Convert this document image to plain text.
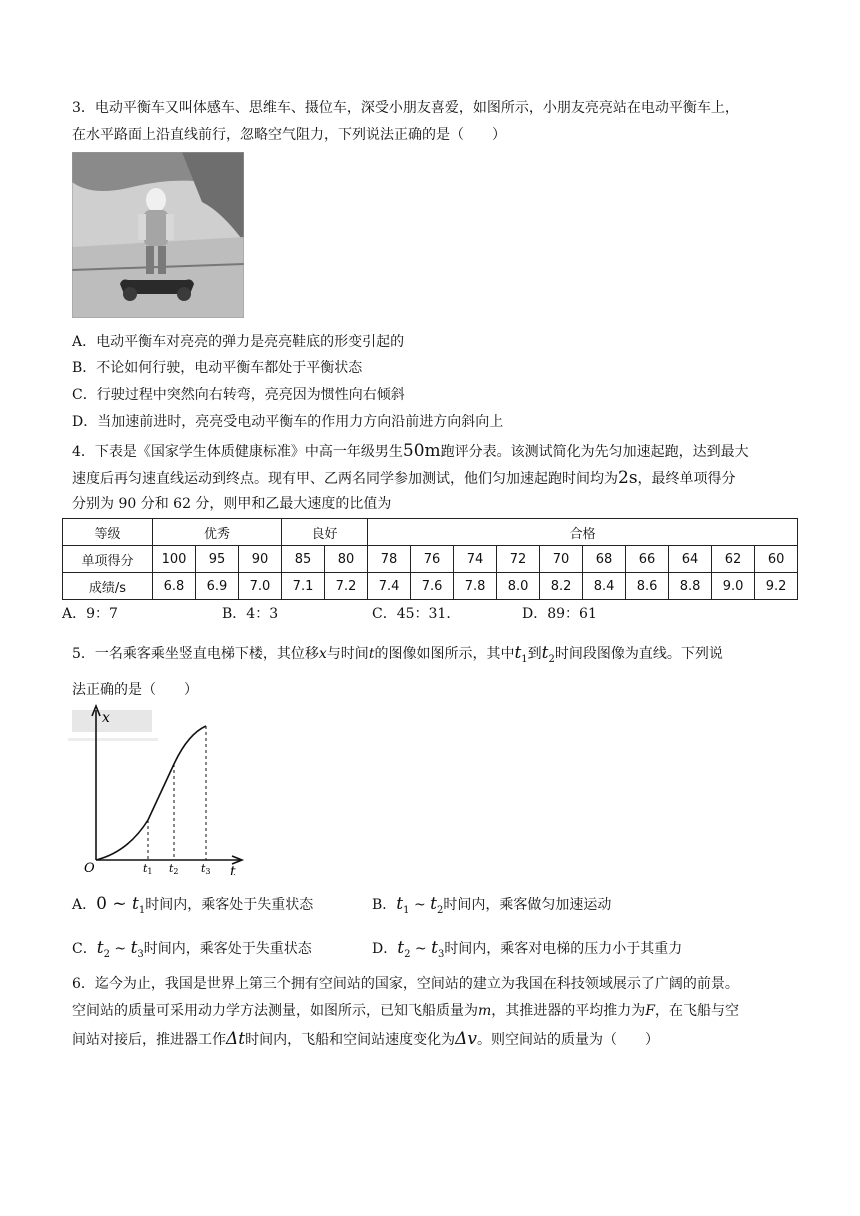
3．电动平衡车又叫体感车、思维车、摄位车，深受小朋友喜爱，如图所示，小朋友亮亮站在电动平衡车上，
在水平路面上沿直线前行，忽略空气阻力，下列说法正确的是（　　）
A．电动平衡车对亮亮的弹力是亮亮鞋底的形变引起的
B．不论如何行驶，电动平衡车都处于平衡状态
C．行驶过程中突然向右转弯，亮亮因为惯性向右倾斜
D．当加速前进时，亮亮受电动平衡车的作用力方向沿前进方向斜向上
4．下表是《国家学生体质健康标准》中高一年级男生50m跑评分表。该测试简化为先匀加速起跑，达到最大
速度后再匀速直线运动到终点。现有甲、乙两名同学参加测试，他们匀加速起跑时间均为2s，最终单项得分
分别为 90 分和 62 分，则甲和乙最大速度的比值为
等级	优秀			良好		合格									
单项得分	100	95	90	85	80	78	76	74	72	70	68	66	64	62	60
成绩/s	6.8	6.9	7.0	7.1	7.2	7.4	7.6	7.8	8.0	8.2	8.4	8.6	8.8	9.0	9.2
A．9：7	B．4：3	C．45：31．	D．89：61
5．一名乘客乘坐竖直电梯下楼，其位移x与时间t的图像如图所示，其中$t_1$到$t_2$时间段图像为直线。下列说
法正确的是（　　）
x
t
O	t1 t2 t3
A．0 ~ $t_1$时间内，乘客处于失重状态	B．$t_1$ ~ $t_2$时间内，乘客做匀加速运动
C．$t_2$ ~ $t_3$时间内，乘客处于失重状态	D．$t_2$ ~ $t_3$时间内，乘客对电梯的压力小于其重力
6．迄今为止，我国是世界上第三个拥有空间站的国家，空间站的建立为我国在科技领域展示了广阔的前景。
空间站的质量可采用动力学方法测量，如图所示，已知飞船质量为m，其推进器的平均推力为F，在飞船与空
间站对接后，推进器工作Δt时间内，飞船和空间站速度变化为Δv。则空间站的质量为（　　）
